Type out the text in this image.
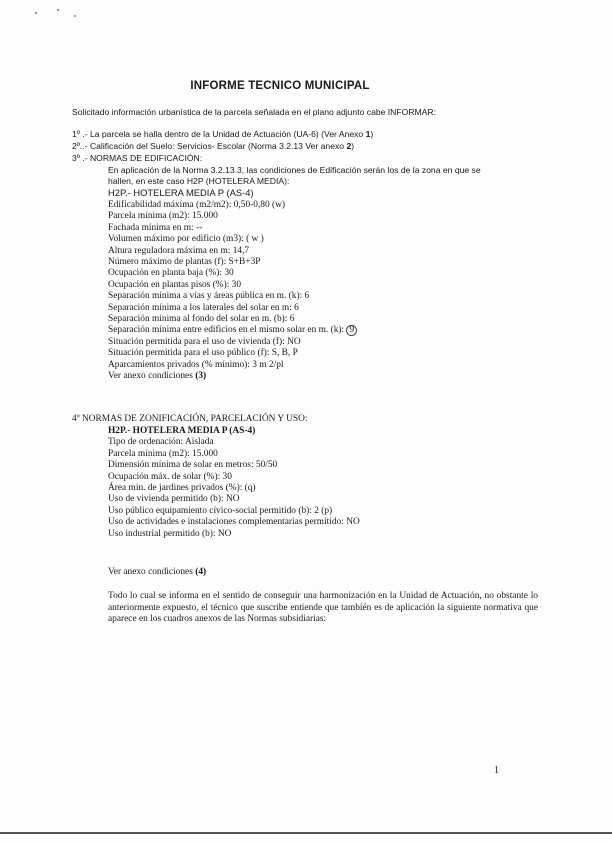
INFORME TECNICO MUNICIPAL
Solicitado información urbanística de la parcela señalada en el plano adjunto cabe INFORMAR:
1º .- La parcela se halla dentro de la Unidad de Actuación (UA-6) (Ver Anexo 1)
2º..- Calificación del Suelo: Servicios- Escolar (Norma 3.2.13 Ver anexo 2)
3º .- NORMAS DE EDIFICACIÓN:
En aplicación de la Norma 3.2.13.3, las condiciones de Edificación serán los de la zona en que se
hallen, en este caso H2P (HOTELERA MEDIA):
H2P.- HOTELERA MEDIA P (AS-4)
Edificabilidad máxima (m2/m2): 0,50-0,80 (w)
Parcela mínima (m2): 15.000
Fachada mínima en m: --
Volumen máximo por edificio (m3): ( w )
Altura reguladora máxima en m: 14,7
Número máximo de plantas (f): S+B+3P
Ocupación en planta baja (%): 30
Ocupación en plantas pisos (%): 30
Separación mínima a vías y áreas pública en m. (k): 6
Separación mínima a los laterales del solar en m: 6
Separación mínima al fondo del solar en m. (b): 6
Separación mínima entre edificios en el mismo solar en m. (k): 9
Situación permitida para el uso de vivienda (f): NO
Situación permitida para el uso público (f): S, B, P
Aparcamientos privados (% mínimo): 3 m 2/pl
Ver anexo condiciones (3)
4º NORMAS DE ZONIFICACIÓN, PARCELACIÓN Y USO:
H2P.- HOTELERA MEDIA P (AS-4)
Tipo de ordenación: Aislada
Parcela mínima (m2): 15.000
Dimensión mínima de solar en metros: 50/50
Ocupación máx. de solar (%): 30
Área mín. de jardines privados (%): (q)
Uso de vivienda permitido (b): NO
Uso público equipamiento cívico-social permitido (b): 2 (p)
Uso de actividades e instalaciones complementarias permitido: NO
Uso industrial permitido (b): NO
Ver anexo condiciones (4)
Todo lo cual se informa en el sentido de conseguir una harmonización en la Unidad de Actuación, no obstante lo anteriormente expuesto, el técnico que suscribe entiende que también es de aplicación la siguiente normativa que aparece en los cuadros anexos de las Normas subsidiarias:
1
